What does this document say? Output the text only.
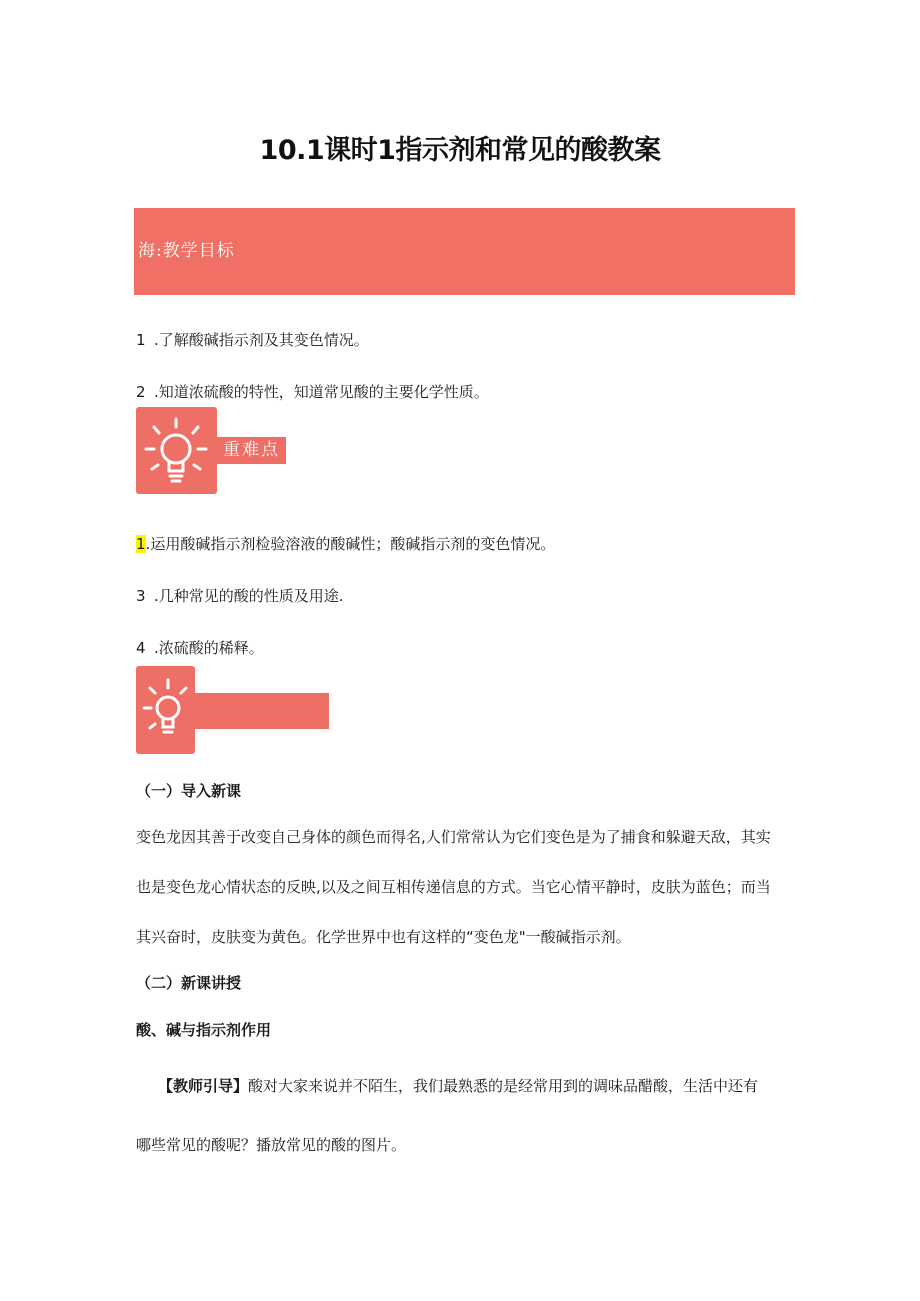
10.1课时1指示剂和常见的酸教案
海:教学目标
1 .了解酸碱指示剂及其变色情况。
2 .知道浓硫酸的特性，知道常见酸的主要化学性质。
重难点
1.运用酸碱指示剂检验溶液的酸碱性；酸碱指示剂的变色情况。
3 .几种常见的酸的性质及用途.
4 .浓硫酸的稀释。
（一）导入新课
变色龙因其善于改变自己身体的颜色而得名,人们常常认为它们变色是为了捕食和躲避天敌，其实
也是变色龙心情状态的反映,以及之间互相传递信息的方式。当它心情平静时，皮肤为蓝色；而当
其兴奋时，皮肤变为黄色。化学世界中也有这样的“变色龙"一酸碱指示剂。
（二）新课讲授
酸、碱与指示剂作用
【教师引导】酸对大家来说并不陌生，我们最熟悉的是经常用到的调味品醋酸，生活中还有
哪些常见的酸呢？播放常见的酸的图片。
